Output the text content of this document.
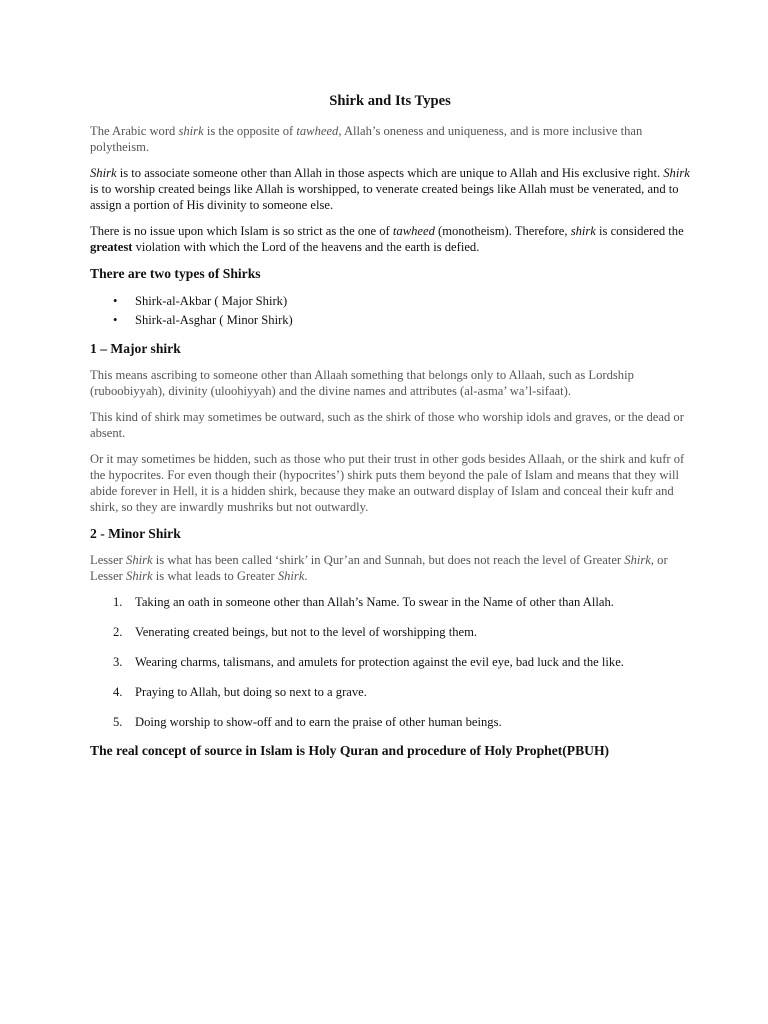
Shirk and Its Types

The Arabic word shirk is the opposite of tawheed, Allah’s oneness and uniqueness, and is more inclusive than polytheism.

Shirk is to associate someone other than Allah in those aspects which are unique to Allah and His exclusive right. Shirk is to worship created beings like Allah is worshipped, to venerate created beings like Allah must be venerated, and to assign a portion of His divinity to someone else.

There is no issue upon which Islam is so strict as the one of tawheed (monotheism). Therefore, shirk is considered the greatest violation with which the Lord of the heavens and the earth is defied.

There are two types of Shirks

• Shirk-al-Akbar ( Major Shirk)
• Shirk-al-Asghar ( Minor Shirk)

1 – Major shirk

This means ascribing to someone other than Allaah something that belongs only to Allaah, such as Lordship (ruboobiyyah), divinity (uloohiyyah) and the divine names and attributes (al-asma’ wa’l-sifaat).

This kind of shirk may sometimes be outward, such as the shirk of those who worship idols and graves, or the dead or absent.

Or it may sometimes be hidden, such as those who put their trust in other gods besides Allaah, or the shirk and kufr of the hypocrites. For even though their (hypocrites’) shirk puts them beyond the pale of Islam and means that they will abide forever in Hell, it is a hidden shirk, because they make an outward display of Islam and conceal their kufr and shirk, so they are inwardly mushriks but not outwardly.

2 - Minor Shirk

Lesser Shirk is what has been called ‘shirk’ in Qur’an and Sunnah, but does not reach the level of Greater Shirk, or Lesser Shirk is what leads to Greater Shirk.

1. Taking an oath in someone other than Allah’s Name. To swear in the Name of other than Allah.
2. Venerating created beings, but not to the level of worshipping them.
3. Wearing charms, talismans, and amulets for protection against the evil eye, bad luck and the like.
4. Praying to Allah, but doing so next to a grave.
5. Doing worship to show-off and to earn the praise of other human beings.

The real concept of source in Islam is Holy Quran and procedure of Holy Prophet(PBUH)
